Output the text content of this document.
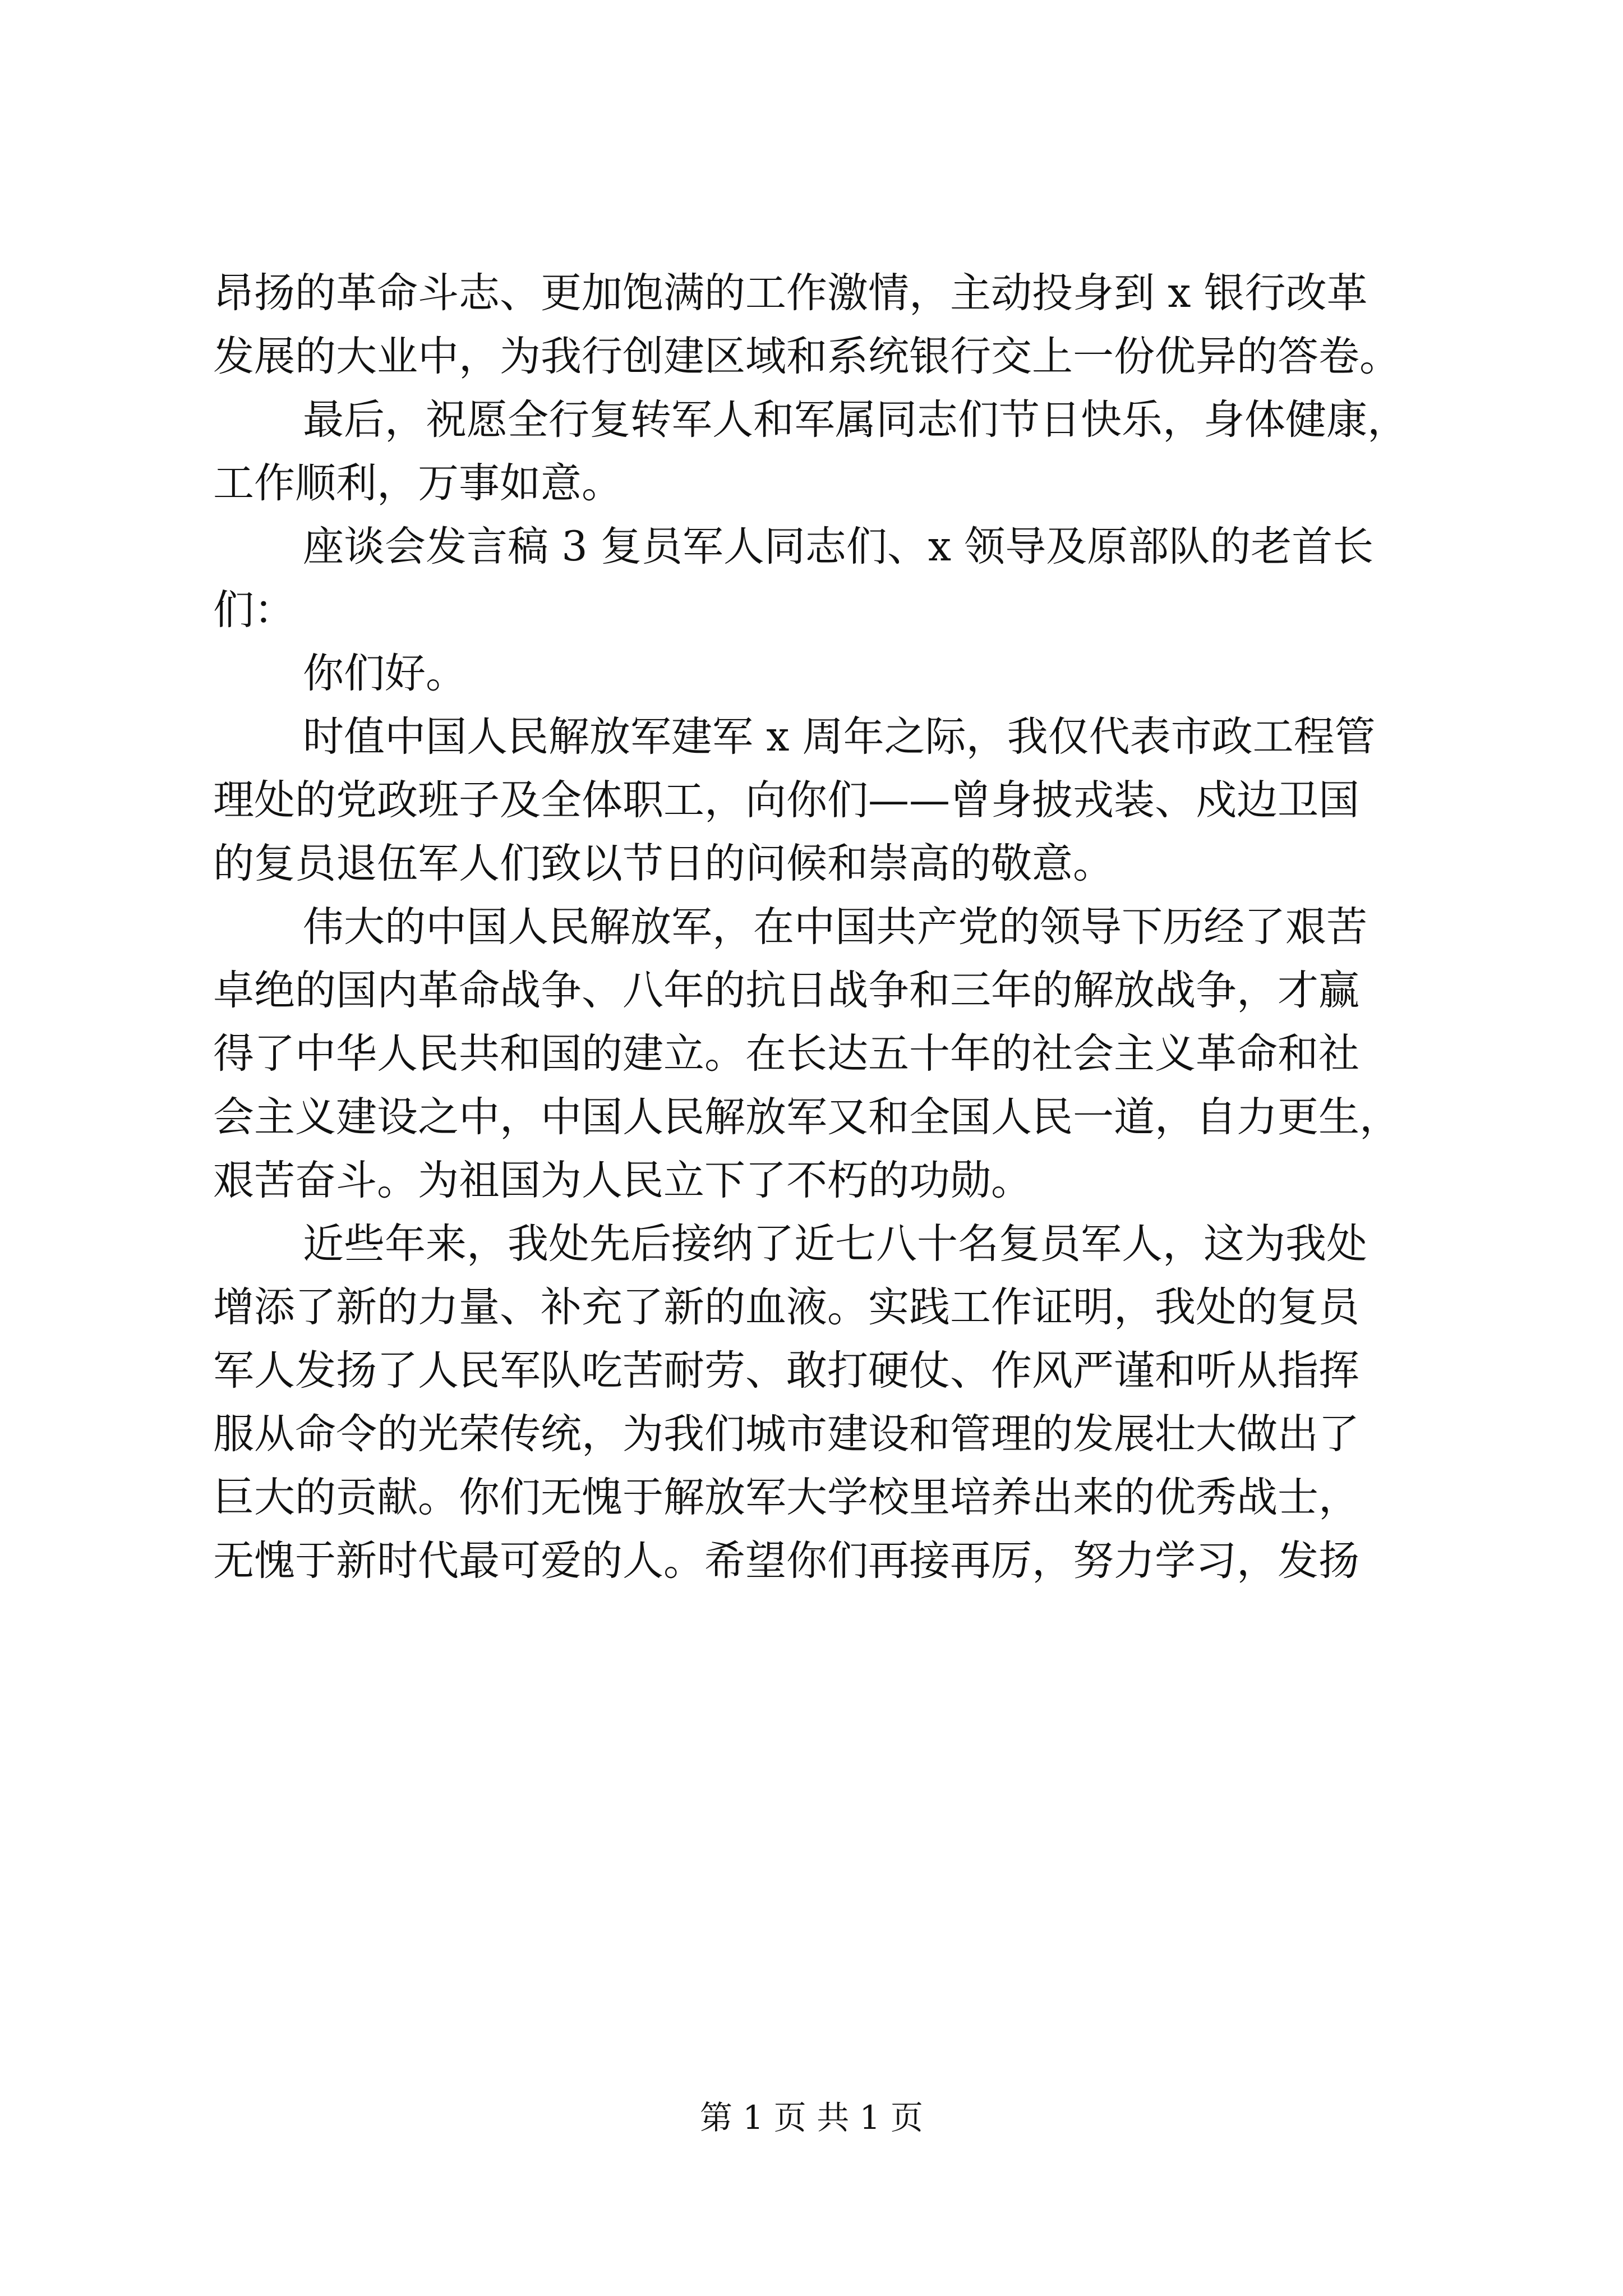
昂扬的革命斗志、更加饱满的工作激情，主动投身到 x 银行改革
发展的大业中，为我行创建区域和系统银行交上一份优异的答卷。
最后，祝愿全行复转军人和军属同志们节日快乐，身体健康，
工作顺利，万事如意。
座谈会发言稿 3 复员军人同志们、x 领导及原部队的老首长
们：
你们好。
时值中国人民解放军建军 x 周年之际，我仅代表市政工程管
理处的党政班子及全体职工，向你们——曾身披戎装、戍边卫国
的复员退伍军人们致以节日的问候和崇高的敬意。
伟大的中国人民解放军，在中国共产党的领导下历经了艰苦
卓绝的国内革命战争、八年的抗日战争和三年的解放战争，才赢
得了中华人民共和国的建立。在长达五十年的社会主义革命和社
会主义建设之中，中国人民解放军又和全国人民一道，自力更生，
艰苦奋斗。为祖国为人民立下了不朽的功勋。
近些年来，我处先后接纳了近七八十名复员军人，这为我处
增添了新的力量、补充了新的血液。实践工作证明，我处的复员
军人发扬了人民军队吃苦耐劳、敢打硬仗、作风严谨和听从指挥
服从命令的光荣传统，为我们城市建设和管理的发展壮大做出了
巨大的贡献。你们无愧于解放军大学校里培养出来的优秀战士，
无愧于新时代最可爱的人。希望你们再接再厉，努力学习，发扬
第 1 页 共 1 页
